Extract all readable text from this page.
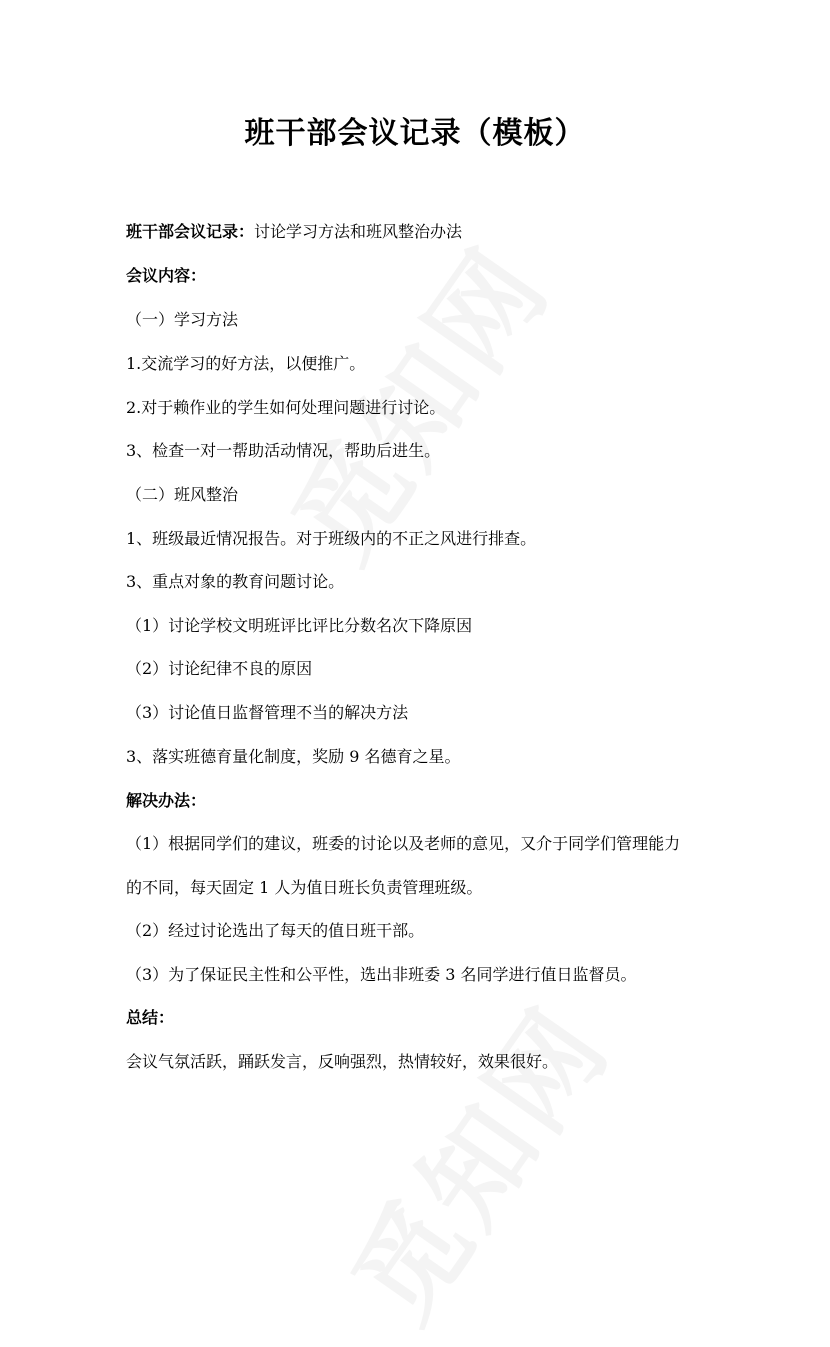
班干部会议记录（模板）
班干部会议记录：讨论学习方法和班风整治办法
会议内容：
（一）学习方法
1.交流学习的好方法，以便推广。
2.对于赖作业的学生如何处理问题进行讨论。
3、检查一对一帮助活动情况，帮助后进生。
（二）班风整治
1、班级最近情况报告。对于班级内的不正之风进行排查。
3、重点对象的教育问题讨论。
（1）讨论学校文明班评比评比分数名次下降原因
（2）讨论纪律不良的原因
（3）讨论值日监督管理不当的解决方法
3、落实班德育量化制度，奖励 9 名德育之星。
解决办法：
（1）根据同学们的建议，班委的讨论以及老师的意见，又介于同学们管理能力
的不同，每天固定 1 人为值日班长负责管理班级。
（2）经过讨论选出了每天的值日班干部。
（3）为了保证民主性和公平性，选出非班委 3 名同学进行值日监督员。
总结：
会议气氛活跃，踊跃发言，反响强烈，热情较好，效果很好。
